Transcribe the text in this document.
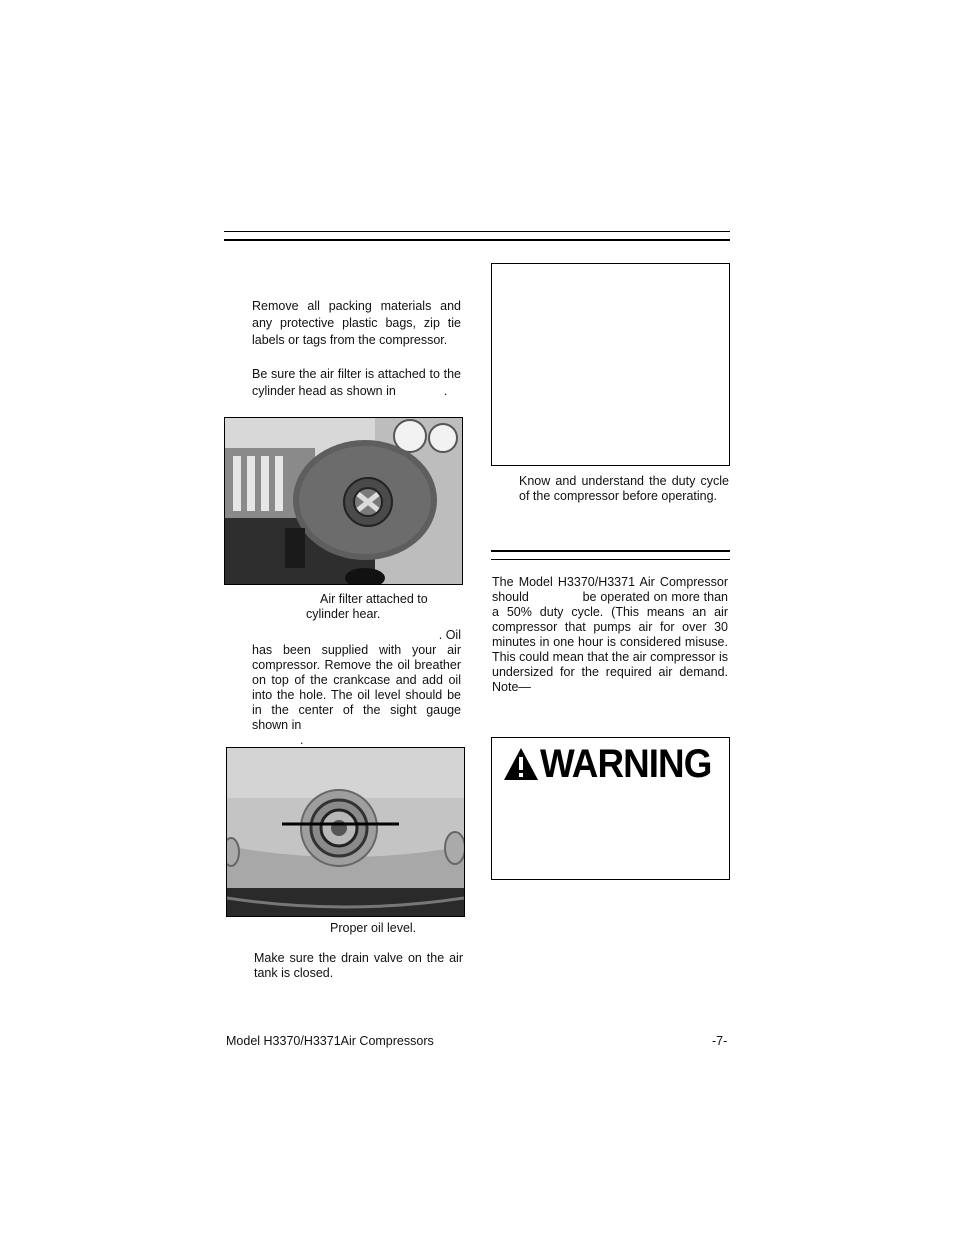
Remove all packing materials and any protective plastic bags, zip tie labels or tags from the compressor.
Be sure the air filter is attached to the cylinder head as shown in	.
Air filter attached to
cylinder hear.
. Oil
has been supplied with your air compressor. Remove the oil breather on top of the crankcase and add oil into the hole. The oil level should be in the center of the sight gauge shown in
.
Proper oil level.
Make sure the drain valve on the air tank is closed.
Know and understand the duty cycle of the compressor before operating.
The Model H3370/H3371 Air Compressor should	be operated on more than a 50% duty cycle. (This means an air compressor that pumps air for over 30 minutes in one hour is considered misuse. This could mean that the air compressor is undersized for the required air demand. Note—
WARNING
Model H3370/H3371Air Compressors	-7-
